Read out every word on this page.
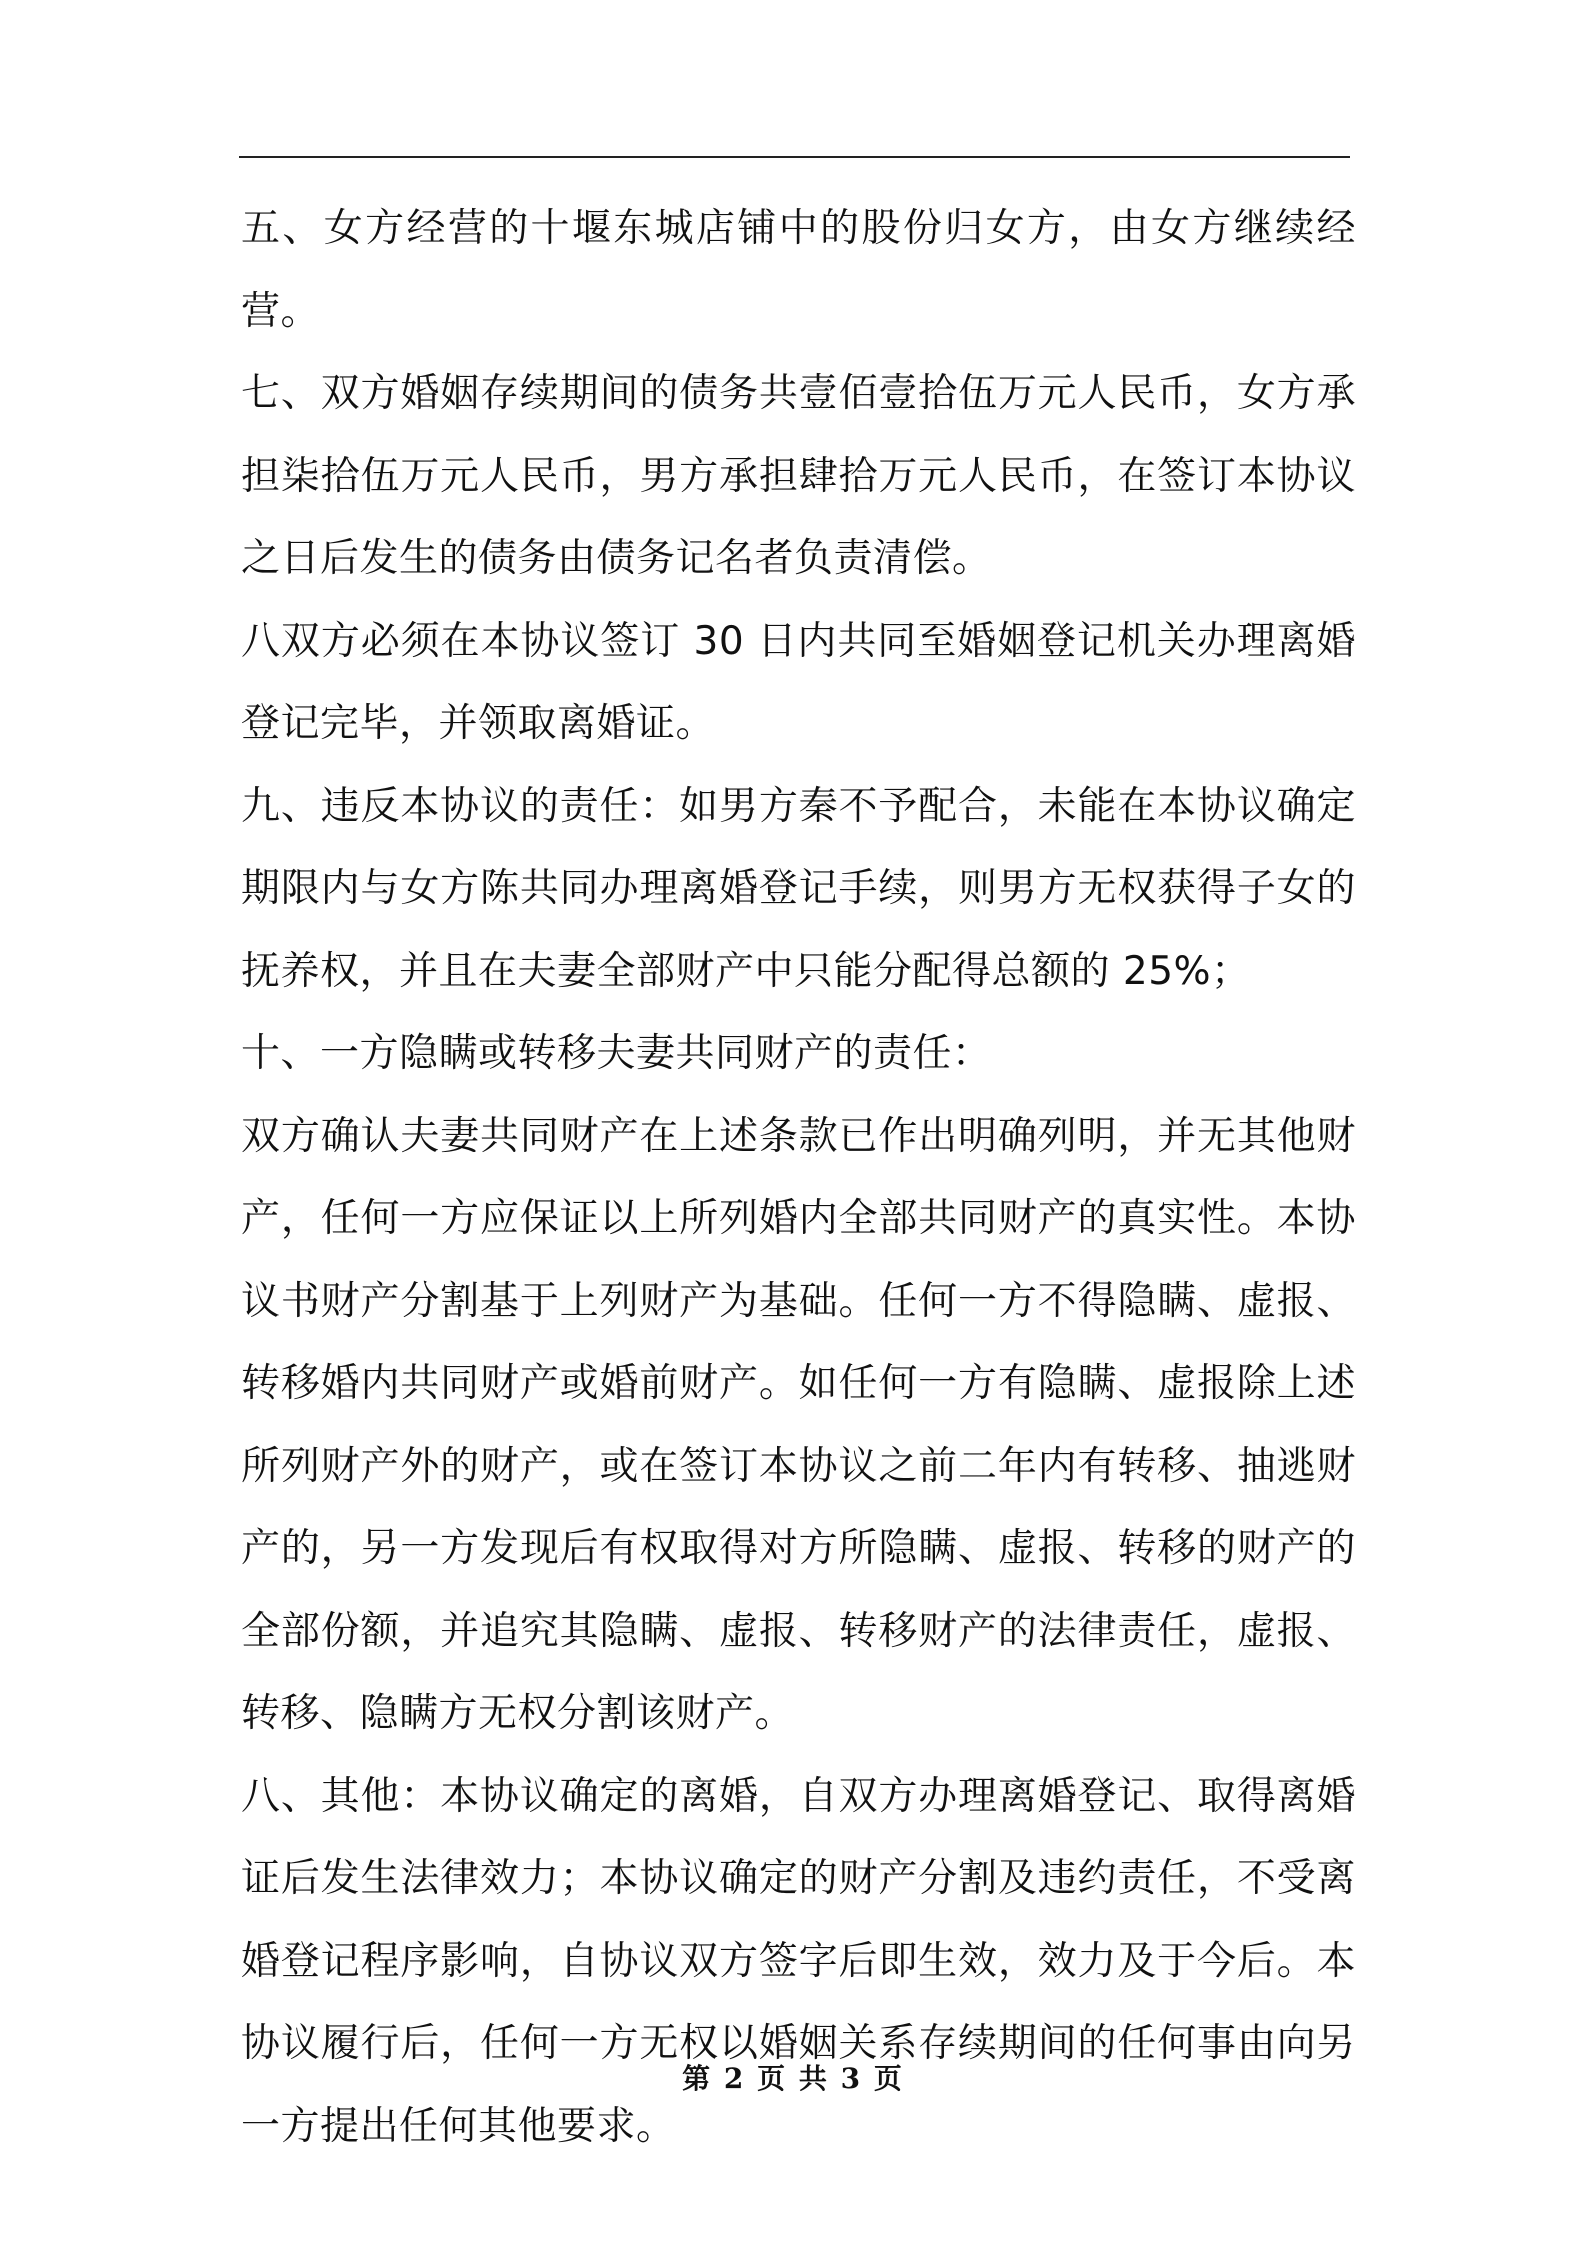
五、女方经营的十堰东城店铺中的股份归女方，由女方继续经营。

七、双方婚姻存续期间的债务共壹佰壹拾伍万元人民币，女方承担柒拾伍万元人民币，男方承担肆拾万元人民币，在签订本协议之日后发生的债务由债务记名者负责清偿。

八双方必须在本协议签订 30 日内共同至婚姻登记机关办理离婚登记完毕，并领取离婚证。

九、违反本协议的责任：如男方秦不予配合，未能在本协议确定期限内与女方陈共同办理离婚登记手续，则男方无权获得子女的抚养权，并且在夫妻全部财产中只能分配得总额的 25%；

十、一方隐瞒或转移夫妻共同财产的责任：

双方确认夫妻共同财产在上述条款已作出明确列明，并无其他财产，任何一方应保证以上所列婚内全部共同财产的真实性。本协议书财产分割基于上列财产为基础。任何一方不得隐瞒、虚报、转移婚内共同财产或婚前财产。如任何一方有隐瞒、虚报除上述所列财产外的财产，或在签订本协议之前二年内有转移、抽逃财产的，另一方发现后有权取得对方所隐瞒、虚报、转移的财产的全部份额，并追究其隐瞒、虚报、转移财产的法律责任，虚报、转移、隐瞒方无权分割该财产。

八、其他：本协议确定的离婚，自双方办理离婚登记、取得离婚证后发生法律效力；本协议确定的财产分割及违约责任，不受离婚登记程序影响，自协议双方签字后即生效，效力及于今后。本协议履行后，任何一方无权以婚姻关系存续期间的任何事由向另一方提出任何其他要求。

第 2 页 共 3 页
